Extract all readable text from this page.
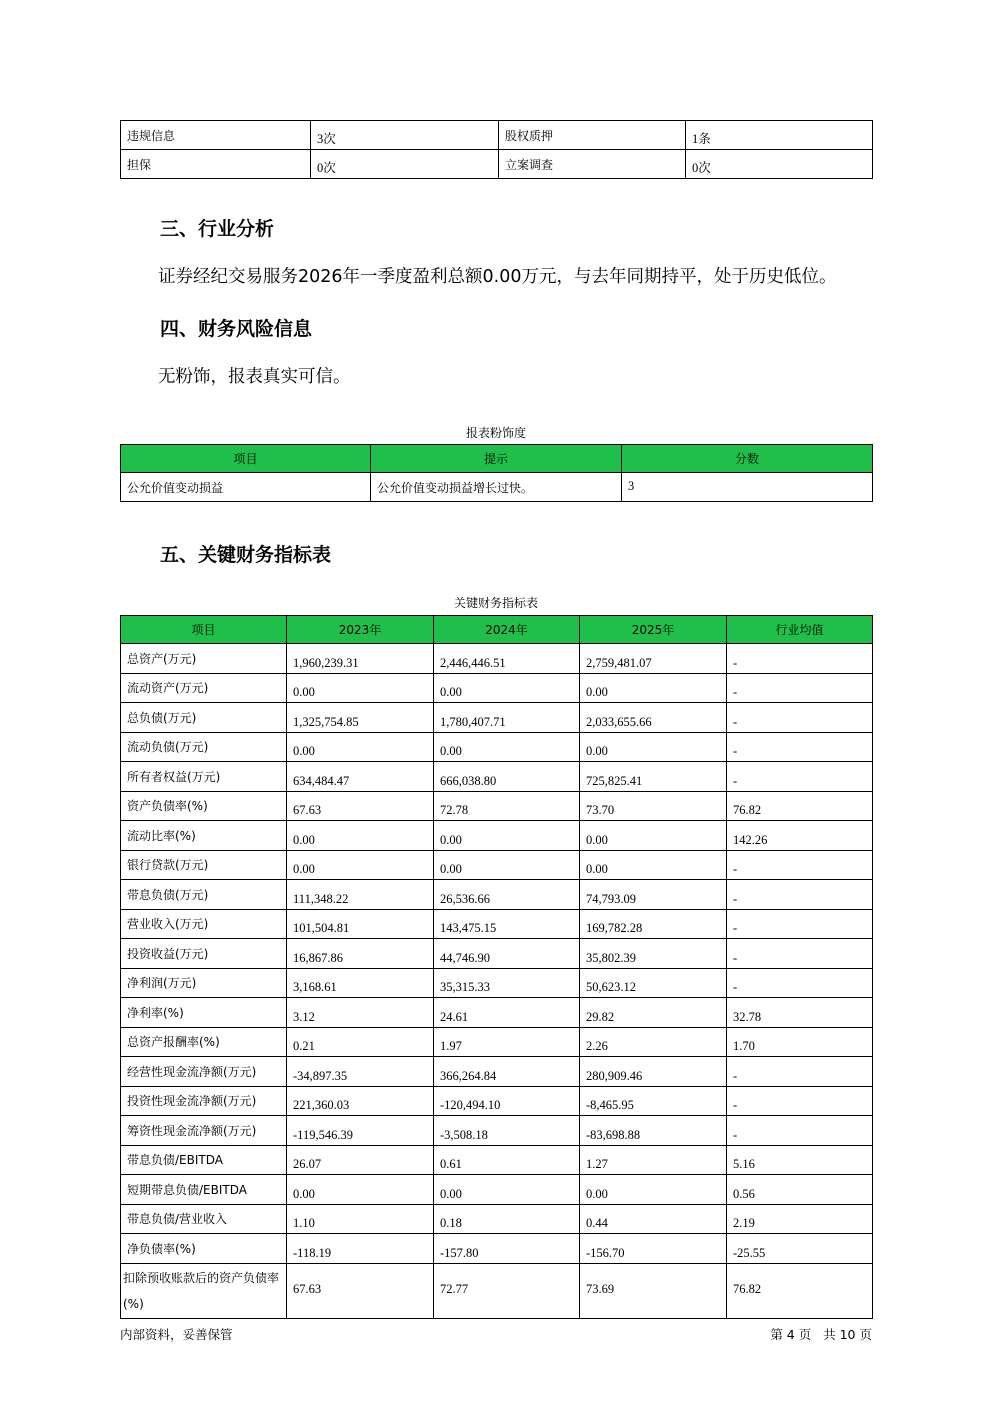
违规信息	3次	股权质押	1条
担保	0次	立案调查	0次
三、行业分析
证券经纪交易服务2026年一季度盈利总额0.00万元，与去年同期持平，处于历史低位。
四、财务风险信息
无粉饰，报表真实可信。
报表粉饰度
项目	提示	分数
公允价值变动损益	公允价值变动损益增长过快。	3
五、关键财务指标表
关键财务指标表
项目	2023年	2024年	2025年	行业均值
总资产(万元)	1,960,239.31	2,446,446.51	2,759,481.07	-
流动资产(万元)	0.00	0.00	0.00	-
总负债(万元)	1,325,754.85	1,780,407.71	2,033,655.66	-
流动负债(万元)	0.00	0.00	0.00	-
所有者权益(万元)	634,484.47	666,038.80	725,825.41	-
资产负债率(%)	67.63	72.78	73.70	76.82
流动比率(%)	0.00	0.00	0.00	142.26
银行贷款(万元)	0.00	0.00	0.00	-
带息负债(万元)	111,348.22	26,536.66	74,793.09	-
营业收入(万元)	101,504.81	143,475.15	169,782.28	-
投资收益(万元)	16,867.86	44,746.90	35,802.39	-
净利润(万元)	3,168.61	35,315.33	50,623.12	-
净利率(%)	3.12	24.61	29.82	32.78
总资产报酬率(%)	0.21	1.97	2.26	1.70
经营性现金流净额(万元)	-34,897.35	366,264.84	280,909.46	-
投资性现金流净额(万元)	221,360.03	-120,494.10	-8,465.95	-
筹资性现金流净额(万元)	-119,546.39	-3,508.18	-83,698.88	-
带息负债/EBITDA	26.07	0.61	1.27	5.16
短期带息负债/EBITDA	0.00	0.00	0.00	0.56
带息负债/营业收入	1.10	0.18	0.44	2.19
净负债率(%)	-118.19	-157.80	-156.70	-25.55
扣除预收账款后的资产负债率(%)	67.63	72.77	73.69	76.82
内部资料，妥善保管	第 4 页   共 10 页
